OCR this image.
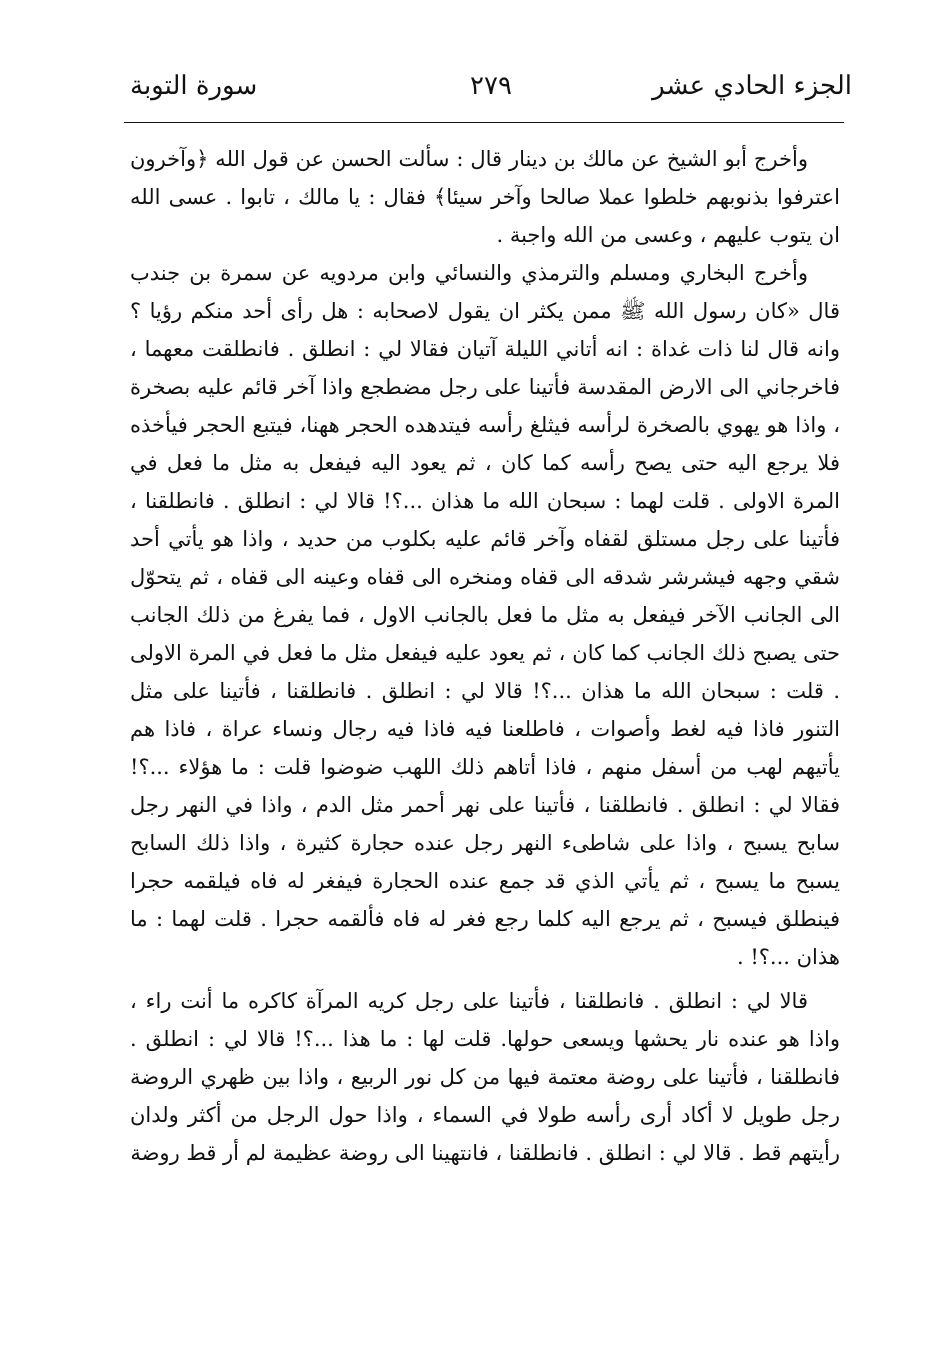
الجزء الحادي عشر
٢٧٩
سورة التوبة

وأخرج أبو الشيخ عن مالك بن دينار قال : سألت الحسن عن قول الله ﴿وآخرون اعترفوا بذنوبهم خلطوا عملا صالحا وآخر سيئا﴾ فقال : يا مالك ، تابوا . عسى الله ان يتوب عليهم ، وعسى من الله واجبة .

وأخرج البخاري ومسلم والترمذي والنسائي وابن مردويه عن سمرة بن جندب قال «كان رسول الله ﷺ ممن يكثر ان يقول لاصحابه : هل رأى أحد منكم رؤيا ؟ وانه قال لنا ذات غداة : انه أتاني الليلة آتيان فقالا لي : انطلق . فانطلقت معهما ، فاخرجاني الى الارض المقدسة فأتينا على رجل مضطجع واذا آخر قائم عليه بصخرة ، واذا هو يهوي بالصخرة لرأسه فيثلغ رأسه فيتدهده الحجر ههنا، فيتبع الحجر فيأخذه فلا يرجع اليه حتى يصح رأسه كما كان ، ثم يعود اليه فيفعل به مثل ما فعل في المرة الاولى . قلت لهما : سبحان الله ما هذان ...؟! قالا لي : انطلق . فانطلقنا ، فأتينا على رجل مستلق لقفاه وآخر قائم عليه بكلوب من حديد ، واذا هو يأتي أحد شقي وجهه فيشرشر شدقه الى قفاه ومنخره الى قفاه وعينه الى قفاه ، ثم يتحوّل الى الجانب الآخر فيفعل به مثل ما فعل بالجانب الاول ، فما يفرغ من ذلك الجانب حتى يصبح ذلك الجانب كما كان ، ثم يعود عليه فيفعل مثل ما فعل في المرة الاولى . قلت : سبحان الله ما هذان ...؟! قالا لي : انطلق . فانطلقنا ، فأتينا على مثل التنور فاذا فيه لغط وأصوات ، فاطلعنا فيه فاذا فيه رجال ونساء عراة ، فاذا هم يأتيهم لهب من أسفل منهم ، فاذا أتاهم ذلك اللهب ضوضوا قلت : ما هؤلاء ...؟! فقالا لي : انطلق . فانطلقنا ، فأتينا على نهر أحمر مثل الدم ، واذا في النهر رجل سابح يسبح ، واذا على شاطىء النهر رجل عنده حجارة كثيرة ، واذا ذلك السابح يسبح ما يسبح ، ثم يأتي الذي قد جمع عنده الحجارة فيفغر له فاه فيلقمه حجرا فينطلق فيسبح ، ثم يرجع اليه كلما رجع فغر له فاه فألقمه حجرا . قلت لهما : ما هذان ...؟! .

قالا لي : انطلق . فانطلقنا ، فأتينا على رجل كريه المرآة كاكره ما أنت راء ، واذا هو عنده نار يحشها ويسعى حولها. قلت لها : ما هذا ...؟! قالا لي : انطلق . فانطلقنا ، فأتينا على روضة معتمة فيها من كل نور الربيع ، واذا بين ظهري الروضة رجل طويل لا أكاد أرى رأسه طولا في السماء ، واذا حول الرجل من أكثر ولدان رأيتهم قط . قالا لي : انطلق . فانطلقنا ، فانتهينا الى روضة عظيمة لم أر قط روضة
